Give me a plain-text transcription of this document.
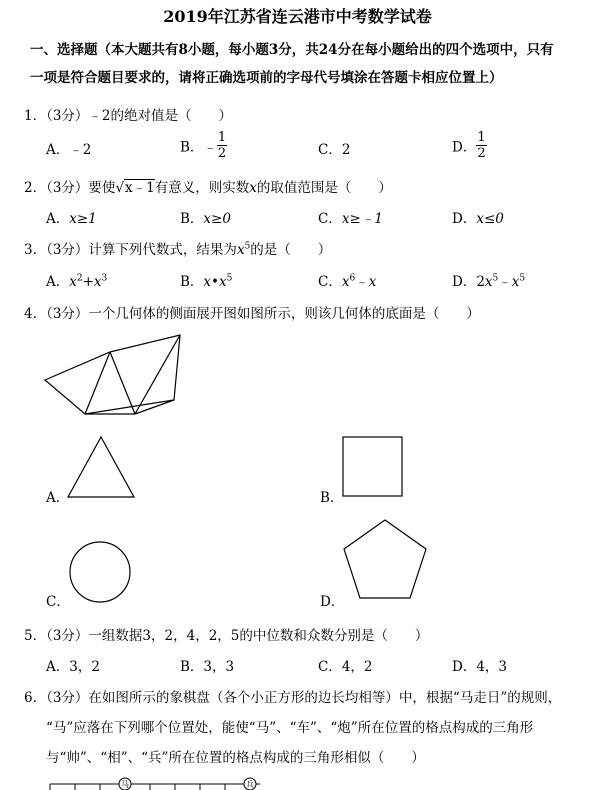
2019年江苏省连云港市中考数学试卷
一、选择题（本大题共有8小题，每小题3分，共24分在每小题给出的四个选项中，只有
一项是符合题目要求的，请将正确选项前的字母代号填涂在答题卡相应位置上）
1．（3分）﹣2的绝对值是（　　）
A．﹣2	B．﹣ $\frac{1}{2}$	C．2	D． $\frac{1}{2}$
2．（3分）要使√x﹣1有意义，则实数x的取值范围是（　　）
A．x≥1	B．x≥0	C．x≥﹣1	D．x≤0
3．（3分）计算下列代数式，结果为$x^5$的是（　　）
A．$x^2+x^3$	B．$x•x^5$	C．$x^6﹣x$	D．$2x^5﹣x^5$
4．（3分）一个几何体的侧面展开图如图所示，则该几何体的底面是（　　）
A．	B．
C．	D．
5．（3分）一组数据3，2，4，2，5的中位数和众数分别是（　　）
A．3，2	B．3，3	C．4，2	D．4，3
6．（3分）在如图所示的象棋盘（各个小正方形的边长均相等）中，根据“马走日”的规则，
“马”应落在下列哪个位置处，能使“马”、“车”、“炮”所在位置的格点构成的三角形
与“帅”、“相”、“兵”所在位置的格点构成的三角形相似（　　）
马	兵
